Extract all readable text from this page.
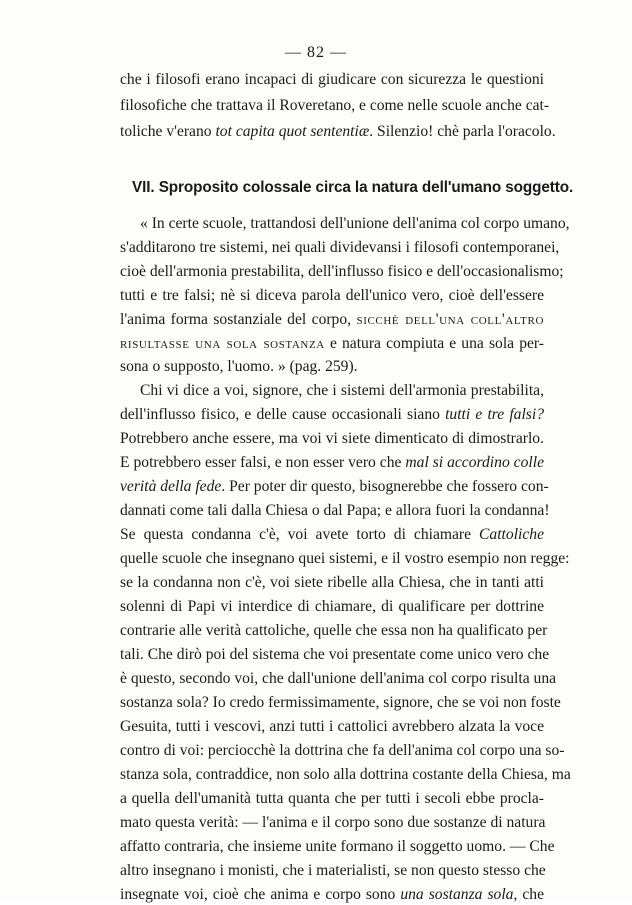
— 82 —
che i filosofi erano incapaci di giudicare con sicurezza le questioni
filosofiche che trattava il Roveretano, e come nelle scuole anche cat-
toliche v'erano tot capita quot sententiæ. Silenzio! chè parla l'oracolo.
VII. Sproposito colossale circa la natura dell'umano soggetto.
« In certe scuole, trattandosi dell'unione dell'anima col corpo umano,
s'additarono tre sistemi, nei quali dividevansi i filosofi contemporanei,
cioè dell'armonia prestabilita, dell'influsso fisico e dell'occasionalismo;
tutti e tre falsi; nè si diceva parola dell'unico vero, cioè dell'essere
l'anima forma sostanziale del corpo, sicchè dell'una coll'altro
risultasse una sola sostanza e natura compiuta e una sola per-
sona o supposto, l'uomo. » (pag. 259).
Chi vi dice a voi, signore, che i sistemi dell'armonia prestabilita,
dell'influsso fisico, e delle cause occasionali siano tutti e tre falsi?
Potrebbero anche essere, ma voi vi siete dimenticato di dimostrarlo.
E potrebbero esser falsi, e non esser vero che mal si accordino colle
verità della fede. Per poter dir questo, bisognerebbe che fossero con-
dannati come tali dalla Chiesa o dal Papa; e allora fuori la condanna!
Se questa condanna c'è, voi avete torto di chiamare Cattoliche
quelle scuole che insegnano quei sistemi, e il vostro esempio non regge:
se la condanna non c'è, voi siete ribelle alla Chiesa, che in tanti atti
solenni di Papi vi interdice di chiamare, di qualificare per dottrine
contrarie alle verità cattoliche, quelle che essa non ha qualificato per
tali. Che dirò poi del sistema che voi presentate come unico vero che
è questo, secondo voi, che dall'unione dell'anima col corpo risulta una
sostanza sola? Io credo fermissimamente, signore, che se voi non foste
Gesuita, tutti i vescovi, anzi tutti i cattolici avrebbero alzata la voce
contro di voi: perciocchè la dottrina che fa dell'anima col corpo una so-
stanza sola, contraddice, non solo alla dottrina costante della Chiesa, ma
a quella dell'umanità tutta quanta che per tutti i secoli ebbe procla-
mato questa verità: — l'anima e il corpo sono due sostanze di natura
affatto contraria, che insieme unite formano il soggetto uomo. — Che
altro insegnano i monisti, che i materialisti, se non questo stesso che
insegnate voi, cioè che anima e corpo sono una sostanza sola, che
